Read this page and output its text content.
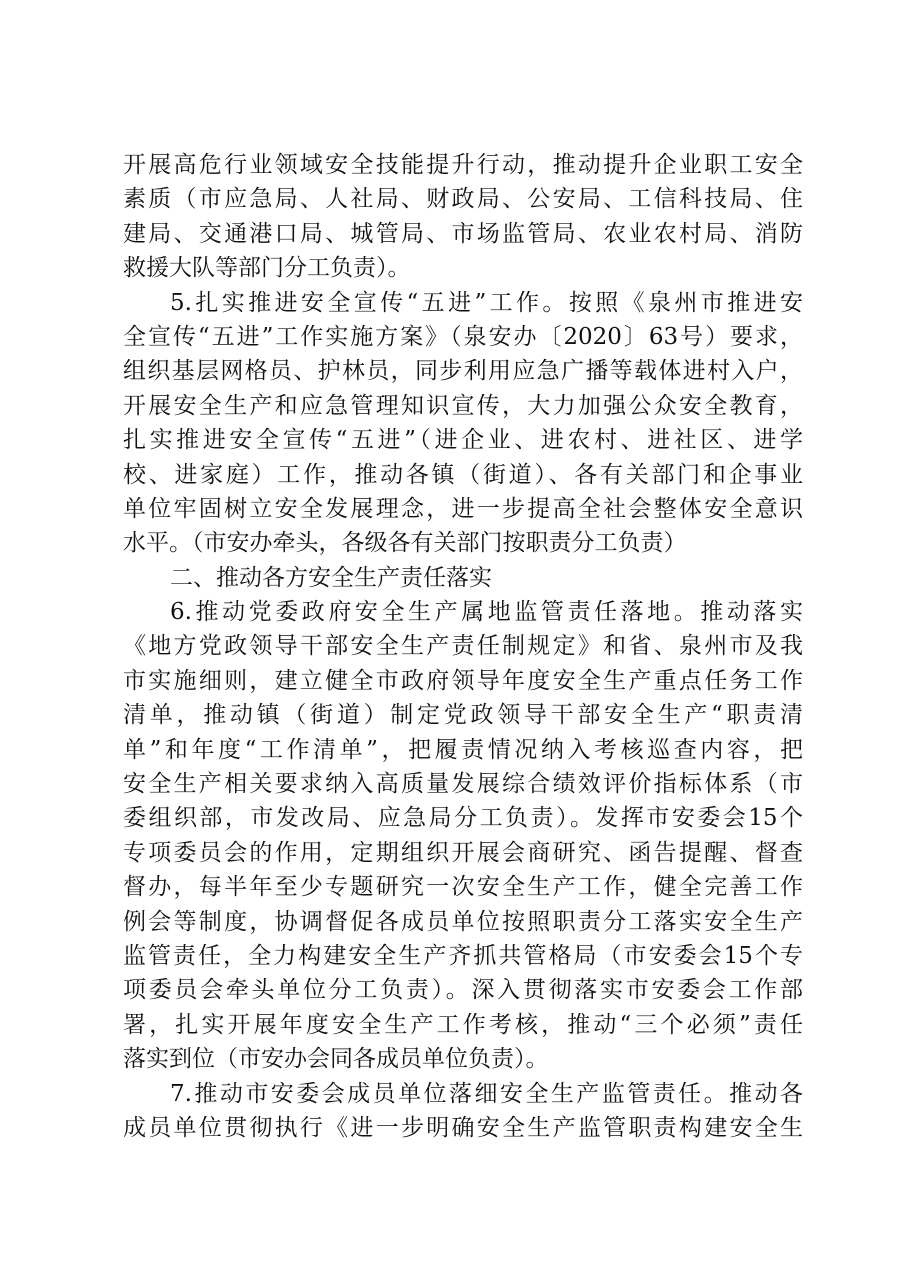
开展高危行业领域安全技能提升行动，推动提升企业职工安全
素质（市应急局、人社局、财政局、公安局、工信科技局、住
建局、交通港口局、城管局、市场监管局、农业农村局、消防
救援大队等部门分工负责）。
5.扎实推进安全宣传“五进”工作。按照《泉州市推进安
全宣传“五进”工作实施方案》（泉安办〔2020〕63号）要求，
组织基层网格员、护林员，同步利用应急广播等载体进村入户，
开展安全生产和应急管理知识宣传，大力加强公众安全教育，
扎实推进安全宣传“五进”（进企业、进农村、进社区、进学
校、进家庭）工作，推动各镇（街道）、各有关部门和企事业
单位牢固树立安全发展理念，进一步提高全社会整体安全意识
水平。（市安办牵头，各级各有关部门按职责分工负责）
二、推动各方安全生产责任落实
6.推动党委政府安全生产属地监管责任落地。推动落实
《地方党政领导干部安全生产责任制规定》和省、泉州市及我
市实施细则，建立健全市政府领导年度安全生产重点任务工作
清单，推动镇（街道）制定党政领导干部安全生产“职责清
单”和年度“工作清单”，把履责情况纳入考核巡查内容，把
安全生产相关要求纳入高质量发展综合绩效评价指标体系（市
委组织部，市发改局、应急局分工负责）。发挥市安委会15个
专项委员会的作用，定期组织开展会商研究、函告提醒、督查
督办，每半年至少专题研究一次安全生产工作，健全完善工作
例会等制度，协调督促各成员单位按照职责分工落实安全生产
监管责任，全力构建安全生产齐抓共管格局（市安委会15个专
项委员会牵头单位分工负责）。深入贯彻落实市安委会工作部
署，扎实开展年度安全生产工作考核，推动“三个必须”责任
落实到位（市安办会同各成员单位负责）。
7.推动市安委会成员单位落细安全生产监管责任。推动各
成员单位贯彻执行《进一步明确安全生产监管职责构建安全生
